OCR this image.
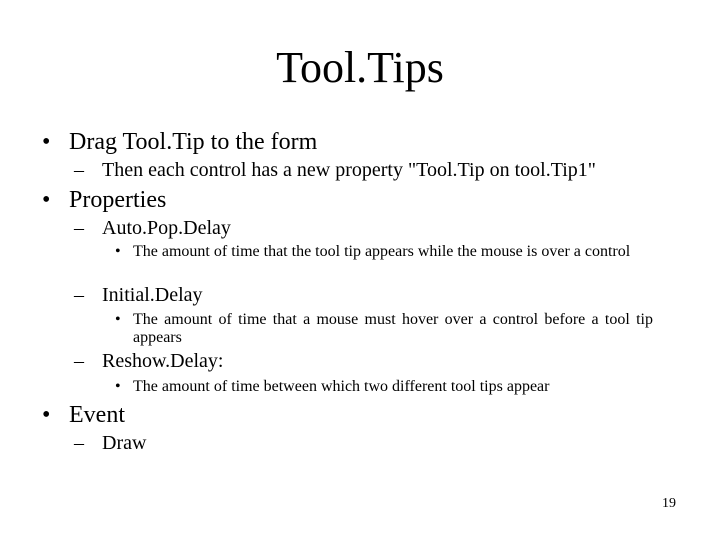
Tool.Tips
• Drag Tool.Tip to the form
– Then each control has a new property "Tool.Tip on tool.Tip1"
• Properties
– Auto.Pop.Delay
• The amount of time that the tool tip appears while the mouse is over a control
– Initial.Delay
• The amount of time that a mouse must hover over a control before a tool tip appears
– Reshow.Delay:
• The amount of time between which two different tool tips appear
• Event
– Draw
19
